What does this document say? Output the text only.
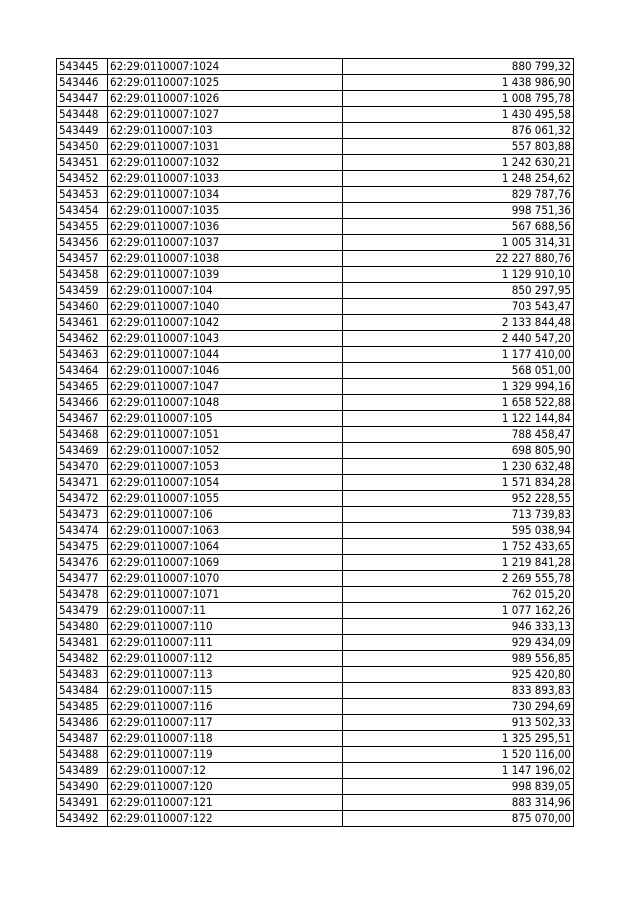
543445	62:29:0110007:1024	880 799,32
543446	62:29:0110007:1025	1 438 986,90
543447	62:29:0110007:1026	1 008 795,78
543448	62:29:0110007:1027	1 430 495,58
543449	62:29:0110007:103	876 061,32
543450	62:29:0110007:1031	557 803,88
543451	62:29:0110007:1032	1 242 630,21
543452	62:29:0110007:1033	1 248 254,62
543453	62:29:0110007:1034	829 787,76
543454	62:29:0110007:1035	998 751,36
543455	62:29:0110007:1036	567 688,56
543456	62:29:0110007:1037	1 005 314,31
543457	62:29:0110007:1038	22 227 880,76
543458	62:29:0110007:1039	1 129 910,10
543459	62:29:0110007:104	850 297,95
543460	62:29:0110007:1040	703 543,47
543461	62:29:0110007:1042	2 133 844,48
543462	62:29:0110007:1043	2 440 547,20
543463	62:29:0110007:1044	1 177 410,00
543464	62:29:0110007:1046	568 051,00
543465	62:29:0110007:1047	1 329 994,16
543466	62:29:0110007:1048	1 658 522,88
543467	62:29:0110007:105	1 122 144,84
543468	62:29:0110007:1051	788 458,47
543469	62:29:0110007:1052	698 805,90
543470	62:29:0110007:1053	1 230 632,48
543471	62:29:0110007:1054	1 571 834,28
543472	62:29:0110007:1055	952 228,55
543473	62:29:0110007:106	713 739,83
543474	62:29:0110007:1063	595 038,94
543475	62:29:0110007:1064	1 752 433,65
543476	62:29:0110007:1069	1 219 841,28
543477	62:29:0110007:1070	2 269 555,78
543478	62:29:0110007:1071	762 015,20
543479	62:29:0110007:11	1 077 162,26
543480	62:29:0110007:110	946 333,13
543481	62:29:0110007:111	929 434,09
543482	62:29:0110007:112	989 556,85
543483	62:29:0110007:113	925 420,80
543484	62:29:0110007:115	833 893,83
543485	62:29:0110007:116	730 294,69
543486	62:29:0110007:117	913 502,33
543487	62:29:0110007:118	1 325 295,51
543488	62:29:0110007:119	1 520 116,00
543489	62:29:0110007:12	1 147 196,02
543490	62:29:0110007:120	998 839,05
543491	62:29:0110007:121	883 314,96
543492	62:29:0110007:122	875 070,00
